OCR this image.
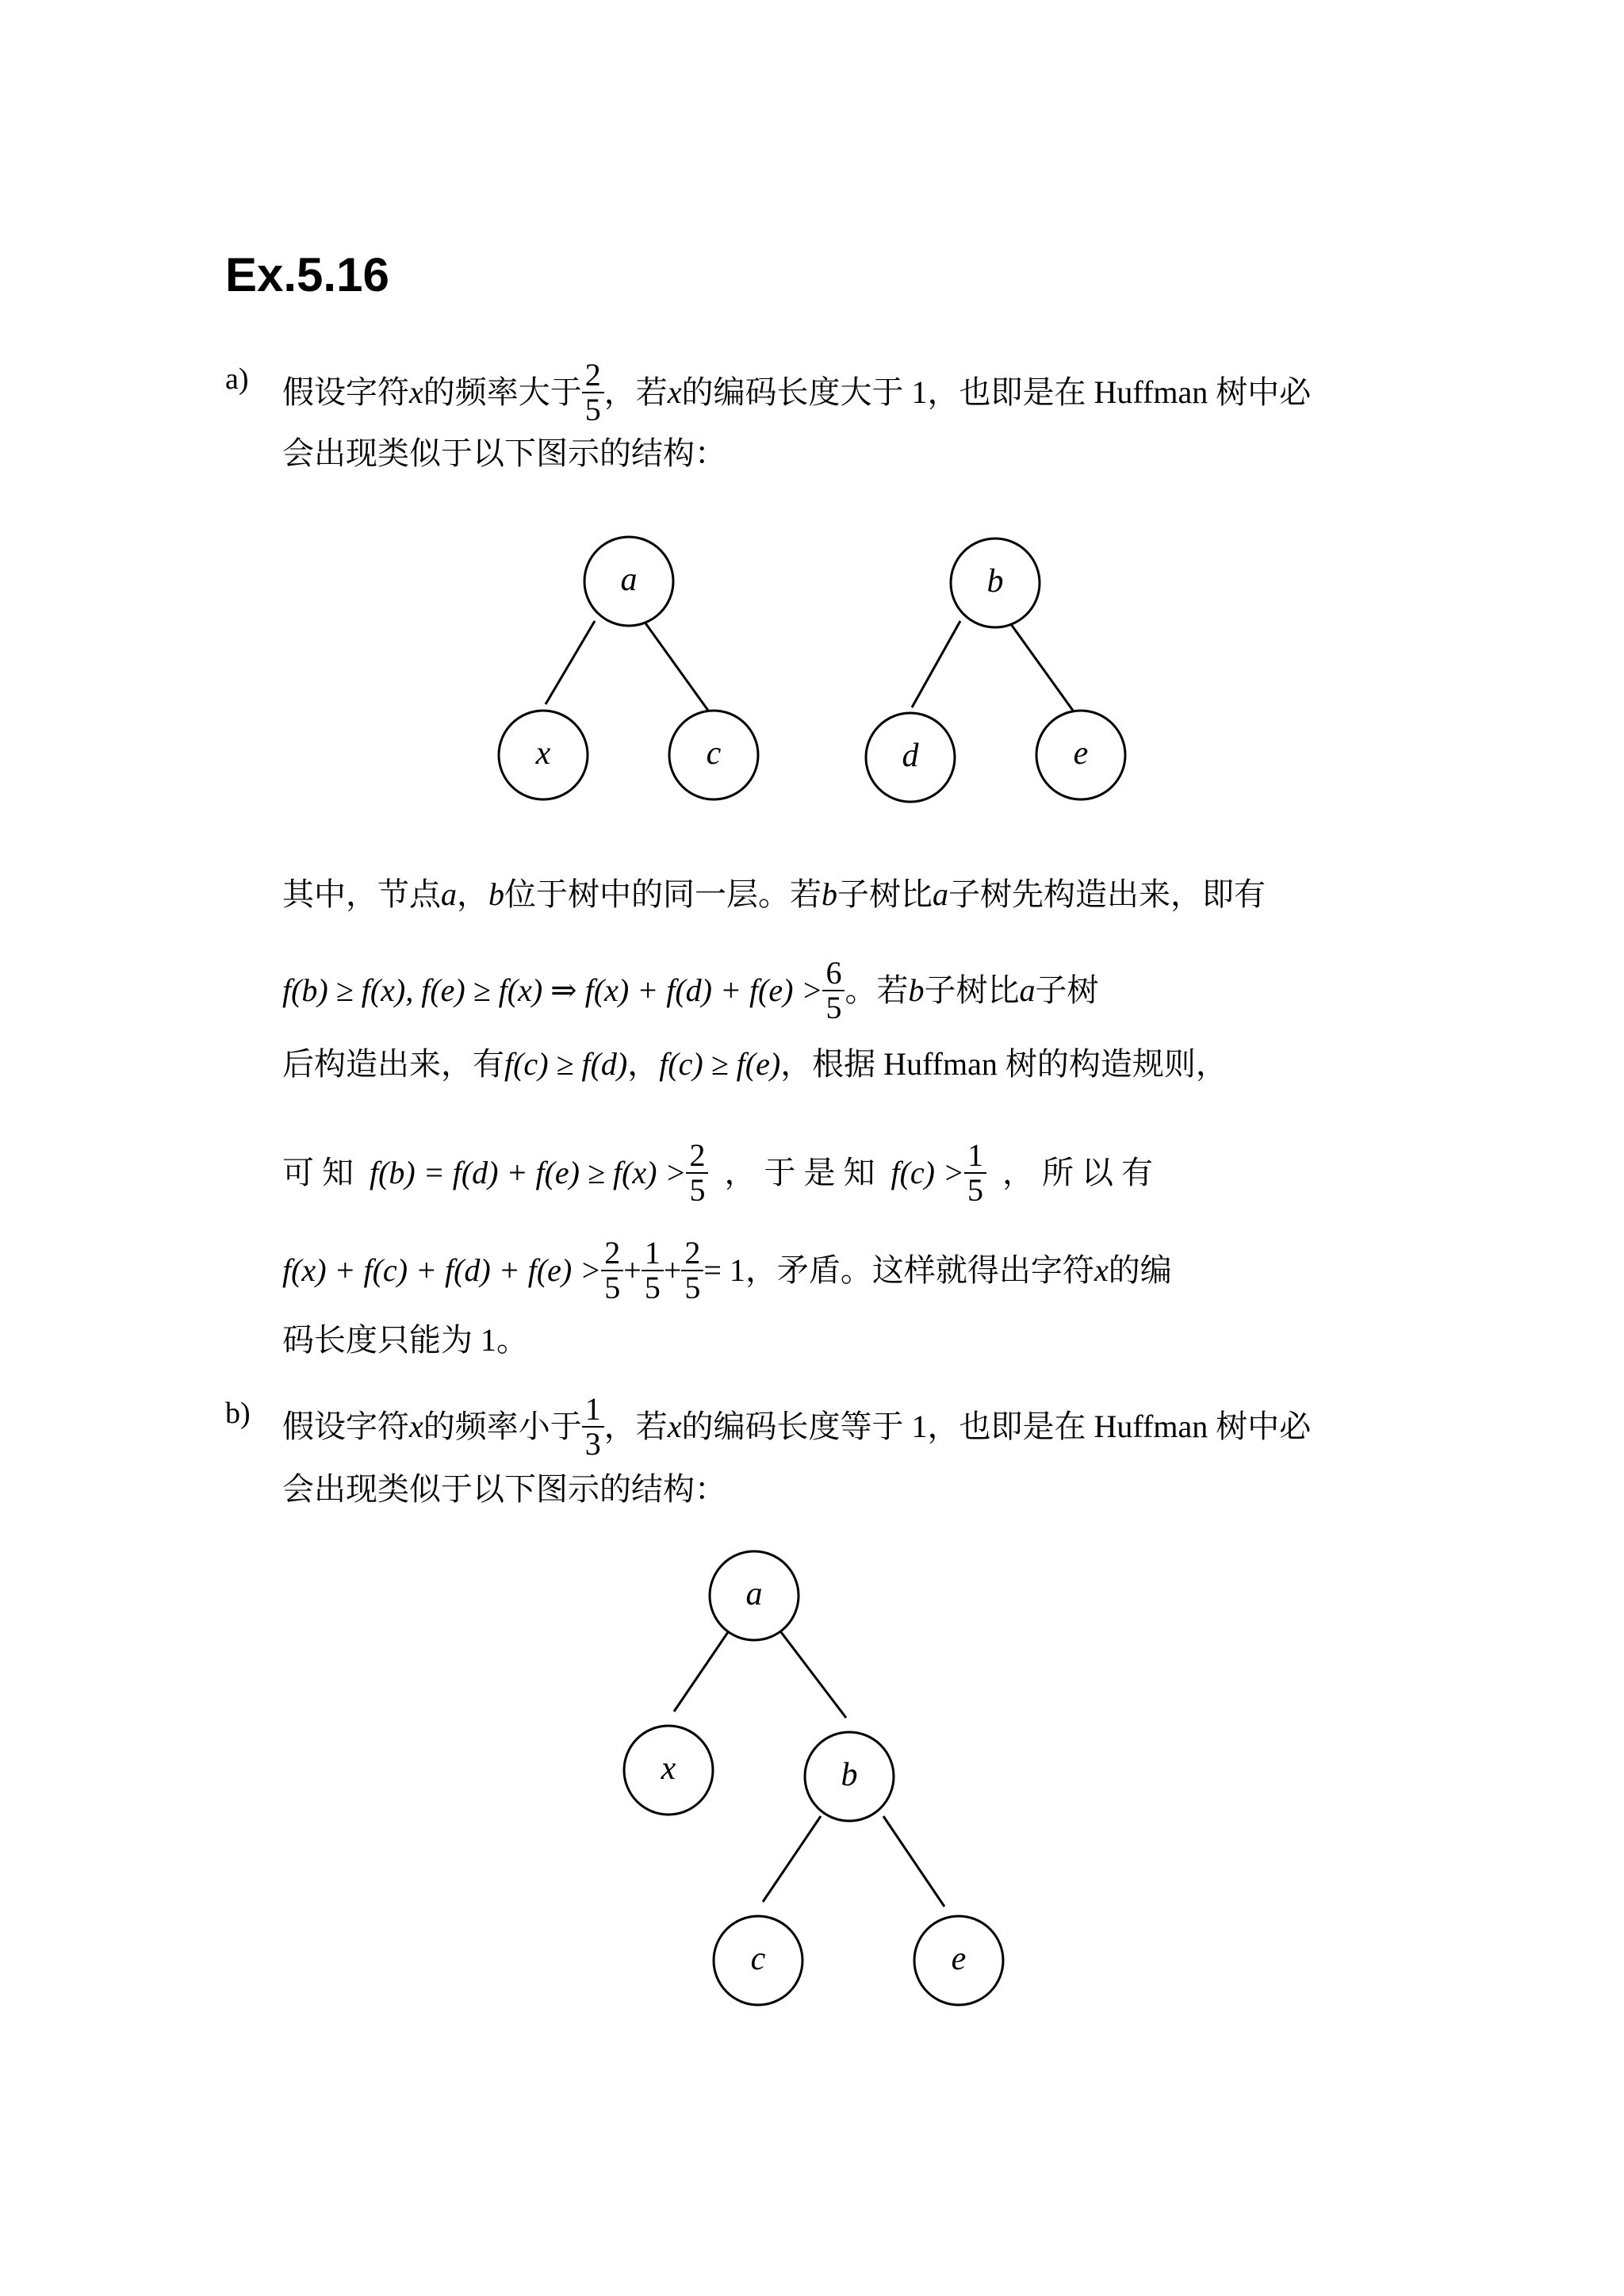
Ex.5.16
a) 假设字符x的频率大于 $\frac{2}{5}$ ，若x的编码长度大于 1，也即是在 Huffman 树中必
会出现类似于以下图示的结构：
a
x	c
b
d	e
其中，节点a，b位于树中的同一层。若b子树比a子树先构造出来，即有
f(b) ≥ f(x), f(e) ≥ f(x) ⇒ $f(x) + f(d) + f(e) > \frac{6}{5}$ 。若b子树比a子树
后构造出来，有f(c) ≥ f(d)，f(c) ≥ f(e)，根据 Huffman 树的构造规则，
可 知 $f(b) = f(d) + f(e) \ge f(x) > \frac{2}{5}$ ， 于 是 知 $f(c) > \frac{1}{5}$ ， 所 以 有
$f(x) + f(c) + f(d) + f(e) > \frac{2}{5} + \frac{1}{5} + \frac{2}{5} = 1$，矛盾。这样就得出字符x的编
码长度只能为 1。
b) 假设字符x的频率小于 $\frac{1}{3}$ ，若x的编码长度等于 1，也即是在 Huffman 树中必
会出现类似于以下图示的结构：
a
x	b
c	e
